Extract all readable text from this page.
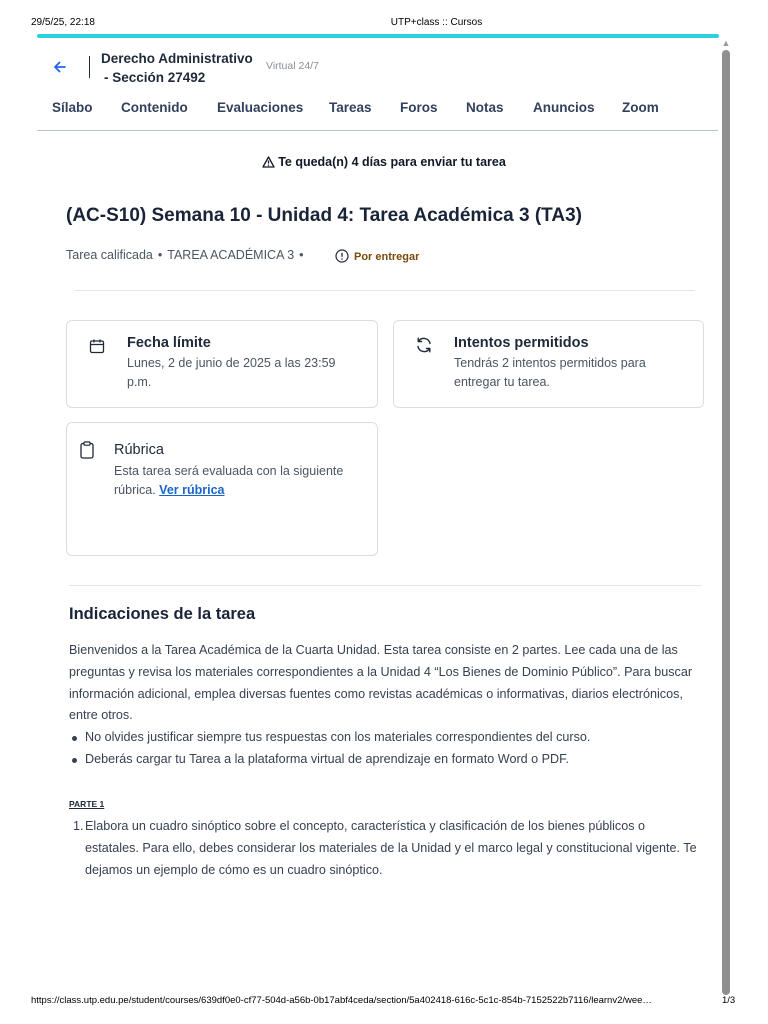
29/5/25, 22:18	UTP+class :: Cursos
▲
Derecho Administrativo
- Sección 27492
Virtual 24/7
Sílabo Contenido Evaluaciones Tareas Foros Notas Anuncios Zoom
Te queda(n) 4 días para enviar tu tarea
(AC-S10) Semana 10 - Unidad 4: Tarea Académica 3 (TA3)
Tarea calificada • TAREA ACADÉMICA 3 •	Por entregar
Fecha límite
Lunes, 2 de junio de 2025 a las 23:59 p.m.
Intentos permitidos
Tendrás 2 intentos permitidos para entregar tu tarea.
Rúbrica
Esta tarea será evaluada con la siguiente rúbrica. Ver rúbrica
Indicaciones de la tarea

Bienvenidos a la Tarea Académica de la Cuarta Unidad. Esta tarea consiste en 2 partes. Lee cada una de las preguntas y revisa los materiales correspondientes a la Unidad 4 “Los Bienes de Dominio Público”. Para buscar información adicional, emplea diversas fuentes como revistas académicas o informativas, diarios electrónicos, entre otros.

No olvides justificar siempre tus respuestas con los materiales correspondientes del curso.
Deberás cargar tu Tarea a la plataforma virtual de aprendizaje en formato Word o PDF.
PARTE 1
1. Elabora un cuadro sinóptico sobre el concepto, característica y clasificación de los bienes públicos o estatales. Para ello, debes considerar los materiales de la Unidad y el marco legal y constitucional vigente. Te dejamos un ejemplo de cómo es un cuadro sinóptico.
https://class.utp.edu.pe/student/courses/639df0e0-cf77-504d-a56b-0b17abf4ceda/section/5a402418-616c-5c1c-854b-7152522b7116/learnv2/wee…	1/3
